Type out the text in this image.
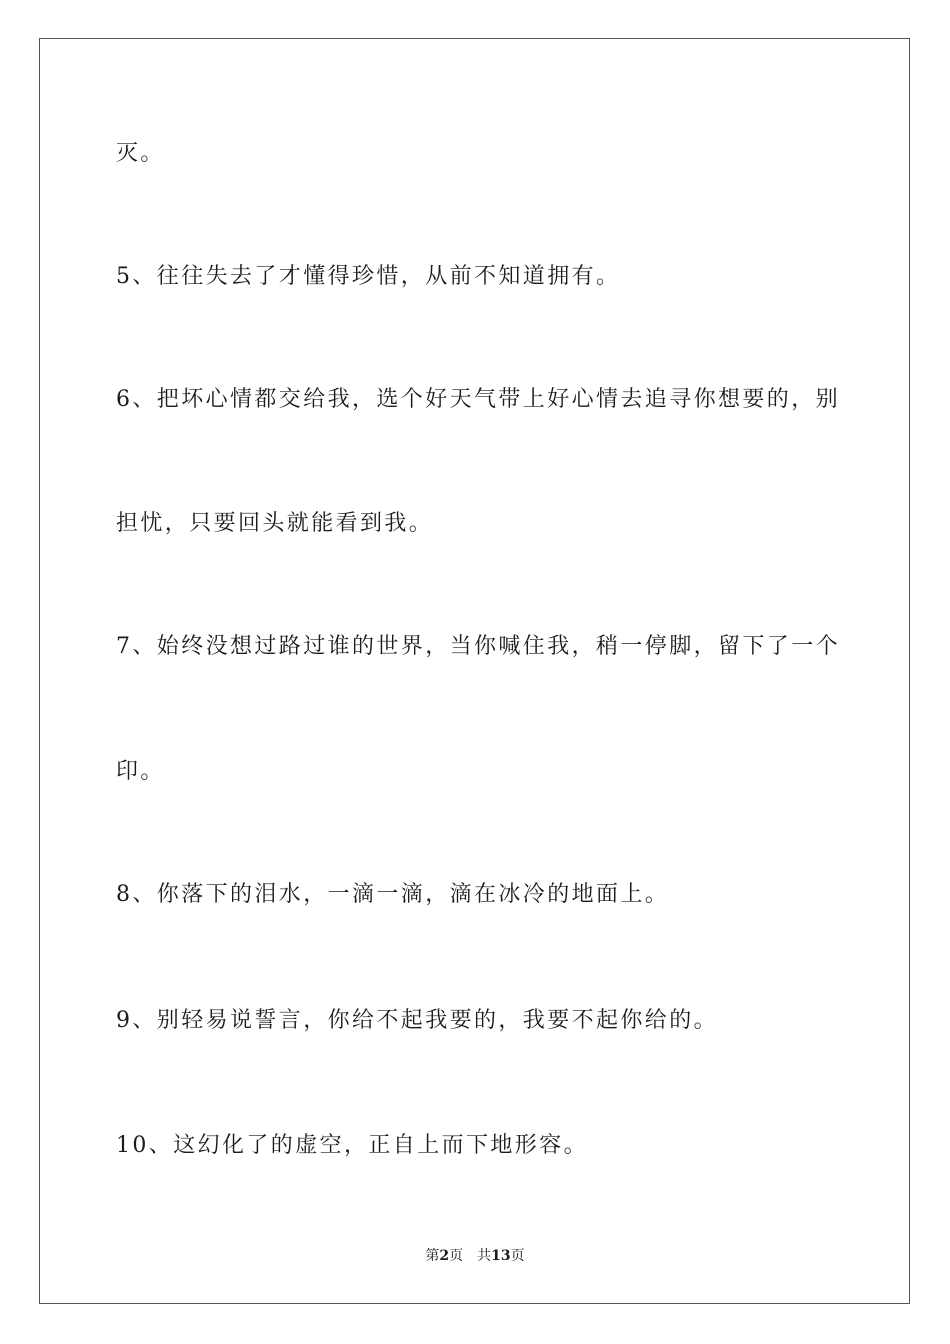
灭。
5、往往失去了才懂得珍惜，从前不知道拥有。
6、把坏心情都交给我，选个好天气带上好心情去追寻你想要的，别
担忧，只要回头就能看到我。
7、始终没想过路过谁的世界，当你喊住我，稍一停脚，留下了一个
印。
8、你落下的泪水，一滴一滴，滴在冰冷的地面上。
9、别轻易说誓言，你给不起我要的，我要不起你给的。
10、这幻化了的虚空，正自上而下地形容。
第2页 共13页
